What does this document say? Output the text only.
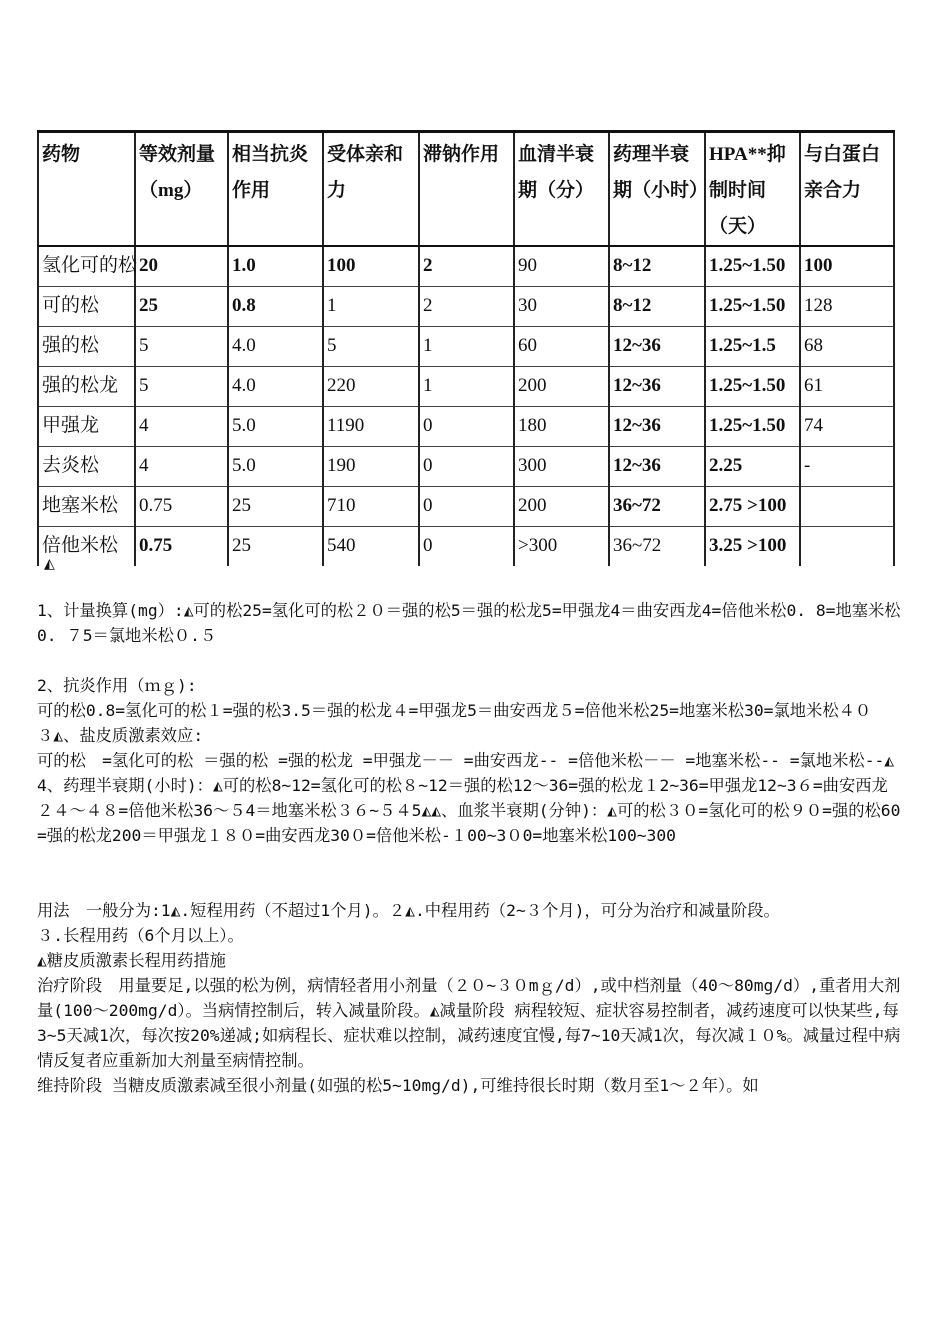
药物	等效剂量（mg）	相当抗炎作用	受体亲和力	滞钠作用	血清半衰期（分）	药理半衰期（小时）	HPA**抑制时间（天）	与白蛋白亲合力
氢化可的松	20	1.0	100	2	90	8~12	1.25~1.50	100
可的松	25	0.8	1	2	30	8~12	1.25~1.50	128
强的松	5	4.0	5	1	60	12~36	1.25~1.5	68
强的松龙	5	4.0	220	1	200	12~36	1.25~1.50	61
甲强龙	4	5.0	1190	0	180	12~36	1.25~1.50	74
去炎松	4	5.0	190	0	300	12~36	2.25	-
地塞米松	0.75	25	710	0	200	36~72	2.75 >100	
倍他米松	0.75	25	540	0	>300	36~72	3.25 >100	
◭

1、计量换算(mg）:◭可的松25=氢化可的松２０＝强的松5＝强的松龙5=甲强龙4＝曲安西龙4=倍他米松0. 8=地塞米松0. ７5＝氯地米松０.５

2、抗炎作用（ｍｇ):

可的松0.8=氢化可的松１=强的松3.5＝强的松龙４=甲强龙5＝曲安西龙５=倍他米松25=地塞米松30=氯地米松４０

３◭、盐皮质激素效应:

可的松　=氢化可的松 ＝强的松 =强的松龙 =甲强龙－－ =曲安西龙-- =倍他米松－－ =地塞米松-- =氯地米松--◭

4、药理半衰期(小时)：◭可的松8~12=氢化可的松８~12＝强的松12～36=强的松龙１2~36=甲强龙12~3６=曲安西龙２４～４８=倍他米松36～５4＝地塞米松３６~５４5◭◭、血浆半衰期(分钟)：◭可的松３０=氢化可的松９０=强的松60=强的松龙200＝甲强龙１８０=曲安西龙30０=倍他米松-１00~3０0=地塞米松100~300

用法　一般分为:1◭.短程用药（不超过1个月)。２◭.中程用药（2~３个月)，可分为治疗和减量阶段。

３.长程用药（6个月以上）。

◭糖皮质激素长程用药措施

治疗阶段　用量要足,以强的松为例，病情轻者用小剂量（２０~３０mｇ/d）,或中档剂量（40～80mg/d）,重者用大剂量(100～200mg/d）。当病情控制后，转入减量阶段。◭减量阶段 病程较短、症状容易控制者，减药速度可以快某些,每3~5天减1次，每次按20%递减;如病程长、症状难以控制，减药速度宜慢,每7~10天减1次，每次减１０%。减量过程中病情反复者应重新加大剂量至病情控制。

维持阶段 当糖皮质激素减至很小剂量(如强的松5~10mg/d),可维持很长时期（数月至1～２年）。如
